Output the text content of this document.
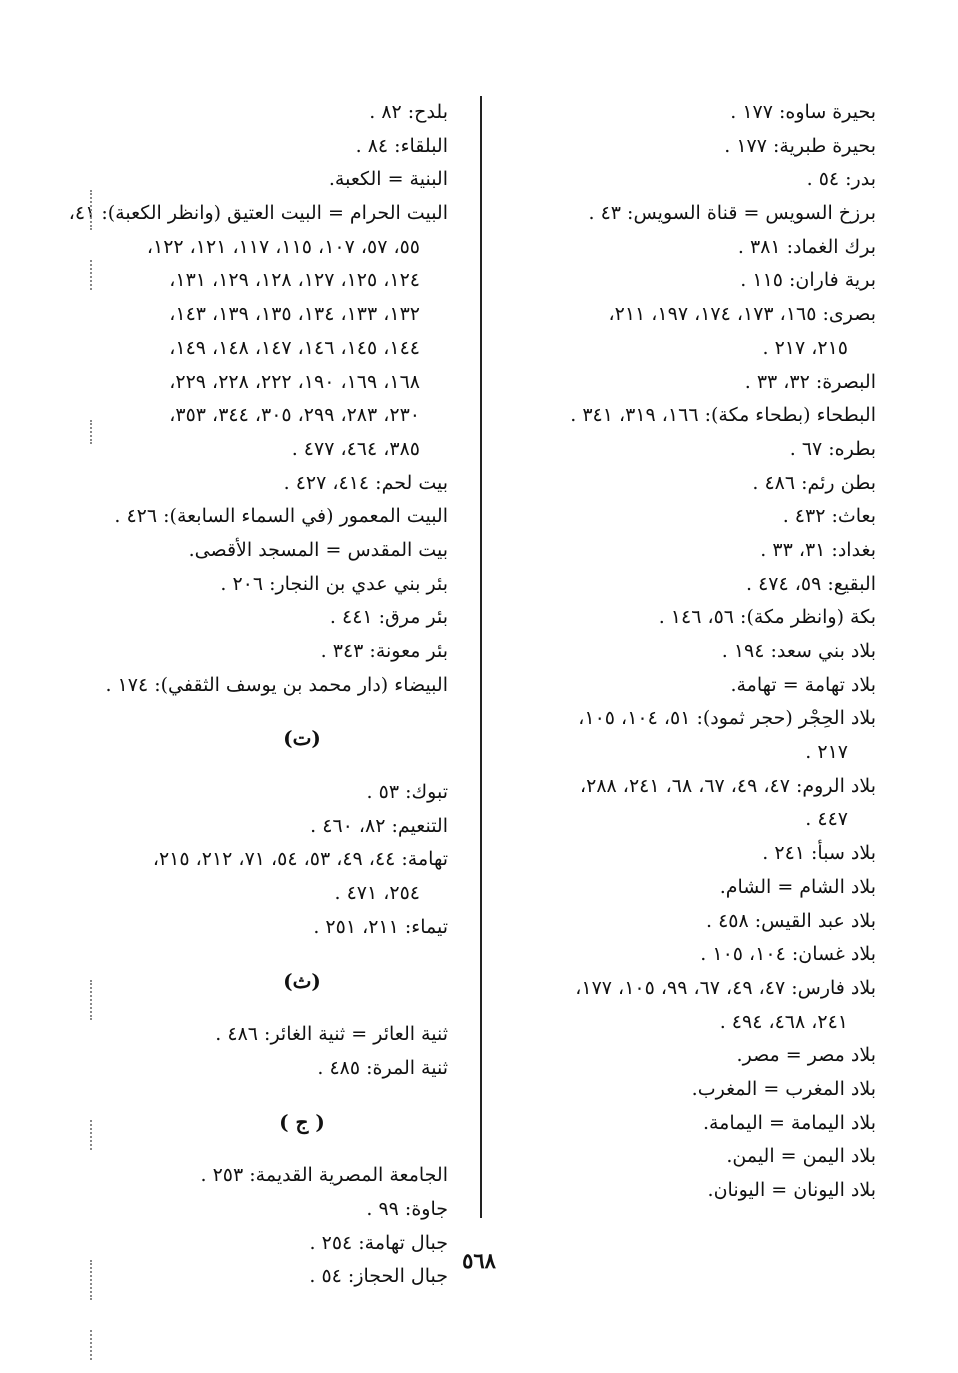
بحيرة ساوه: ١٧٧ .
بحيرة طبرية: ١٧٧ .
بدر: ٥٤ .
برزخ السويس = قناة السويس: ٤٣ .
برك الغماد: ٣٨١ .
برية فاران: ١١٥ .
بصرى: ١٦٥، ١٧٣، ١٧٤، ١٩٧، ٢١١،
٢١٥، ٢١٧ .
البصرة: ٣٢، ٣٣ .
البطحاء (بطحاء مكة): ١٦٦، ٣١٩، ٣٤١ .
بطره: ٦٧ .
بطن رئم: ٤٨٦ .
بعاث: ٤٣٢ .
بغداد: ٣١، ٣٣ .
البقيع: ٥٩، ٤٧٤ .
بكة (وانظر مكة): ٥٦، ١٤٦ .
بلاد بني سعد: ١٩٤ .
بلاد تهامة = تهامة.
بلاد الحِجْر (حجر ثمود): ٥١، ١٠٤، ١٠٥،
٢١٧ .
بلاد الروم: ٤٧، ٤٩، ٦٧، ٦٨، ٢٤١، ٢٨٨،
٤٤٧ .
بلاد سبأ: ٢٤١ .
بلاد الشام = الشام.
بلاد عبد القيس: ٤٥٨ .
بلاد غسان: ١٠٤، ١٠٥ .
بلاد فارس: ٤٧، ٤٩، ٦٧، ٩٩، ١٠٥، ١٧٧،
٢٤١، ٤٦٨، ٤٩٤ .
بلاد مصر = مصر.
بلاد المغرب = المغرب.
بلاد اليمامة = اليمامة.
بلاد اليمن = اليمن.
بلاد اليونان = اليونان.
بلدح: ٨٢ .
البلقاء: ٨٤ .
البنية = الكعبة.
البيت الحرام = البيت العتيق (وانظر الكعبة): ٤١،
٥٥، ٥٧، ١٠٧، ١١٥، ١١٧، ١٢١، ١٢٢،
١٢٤، ١٢٥، ١٢٧، ١٢٨، ١٢٩، ١٣١،
١٣٢، ١٣٣، ١٣٤، ١٣٥، ١٣٩، ١٤٣،
١٤٤، ١٤٥، ١٤٦، ١٤٧، ١٤٨، ١٤٩،
١٦٨، ١٦٩، ١٩٠، ٢٢٢، ٢٢٨، ٢٢٩،
٢٣٠، ٢٨٣، ٢٩٩، ٣٠٥، ٣٤٤، ٣٥٣،
٣٨٥، ٤٦٤، ٤٧٧ .
بيت لحم: ٤١٤، ٤٢٧ .
البيت المعمور (في السماء السابعة): ٤٢٦ .
بيت المقدس = المسجد الأقصى.
بئر بني عدي بن النجار: ٢٠٦ .
بئر مرق: ٤٤١ .
بئر معونة: ٣٤٣ .
البيضاء (دار محمد بن يوسف الثقفي): ١٧٤ .
(ت)
تبوك: ٥٣ .
التنعيم: ٨٢، ٤٦٠ .
تهامة: ٤٤، ٤٩، ٥٣، ٥٤، ٧١، ٢١٢، ٢١٥،
٢٥٤، ٤٧١ .
تيماء: ٢١١، ٢٥١ .
(ث)
ثنية العائر = ثنية الغائر: ٤٨٦ .
ثنية المرة: ٤٨٥ .
( ج )
الجامعة المصرية القديمة: ٢٥٣ .
جاوة: ٩٩ .
جبال تهامة: ٢٥٤ .
جبال الحجاز: ٥٤ .
٥٦٨
